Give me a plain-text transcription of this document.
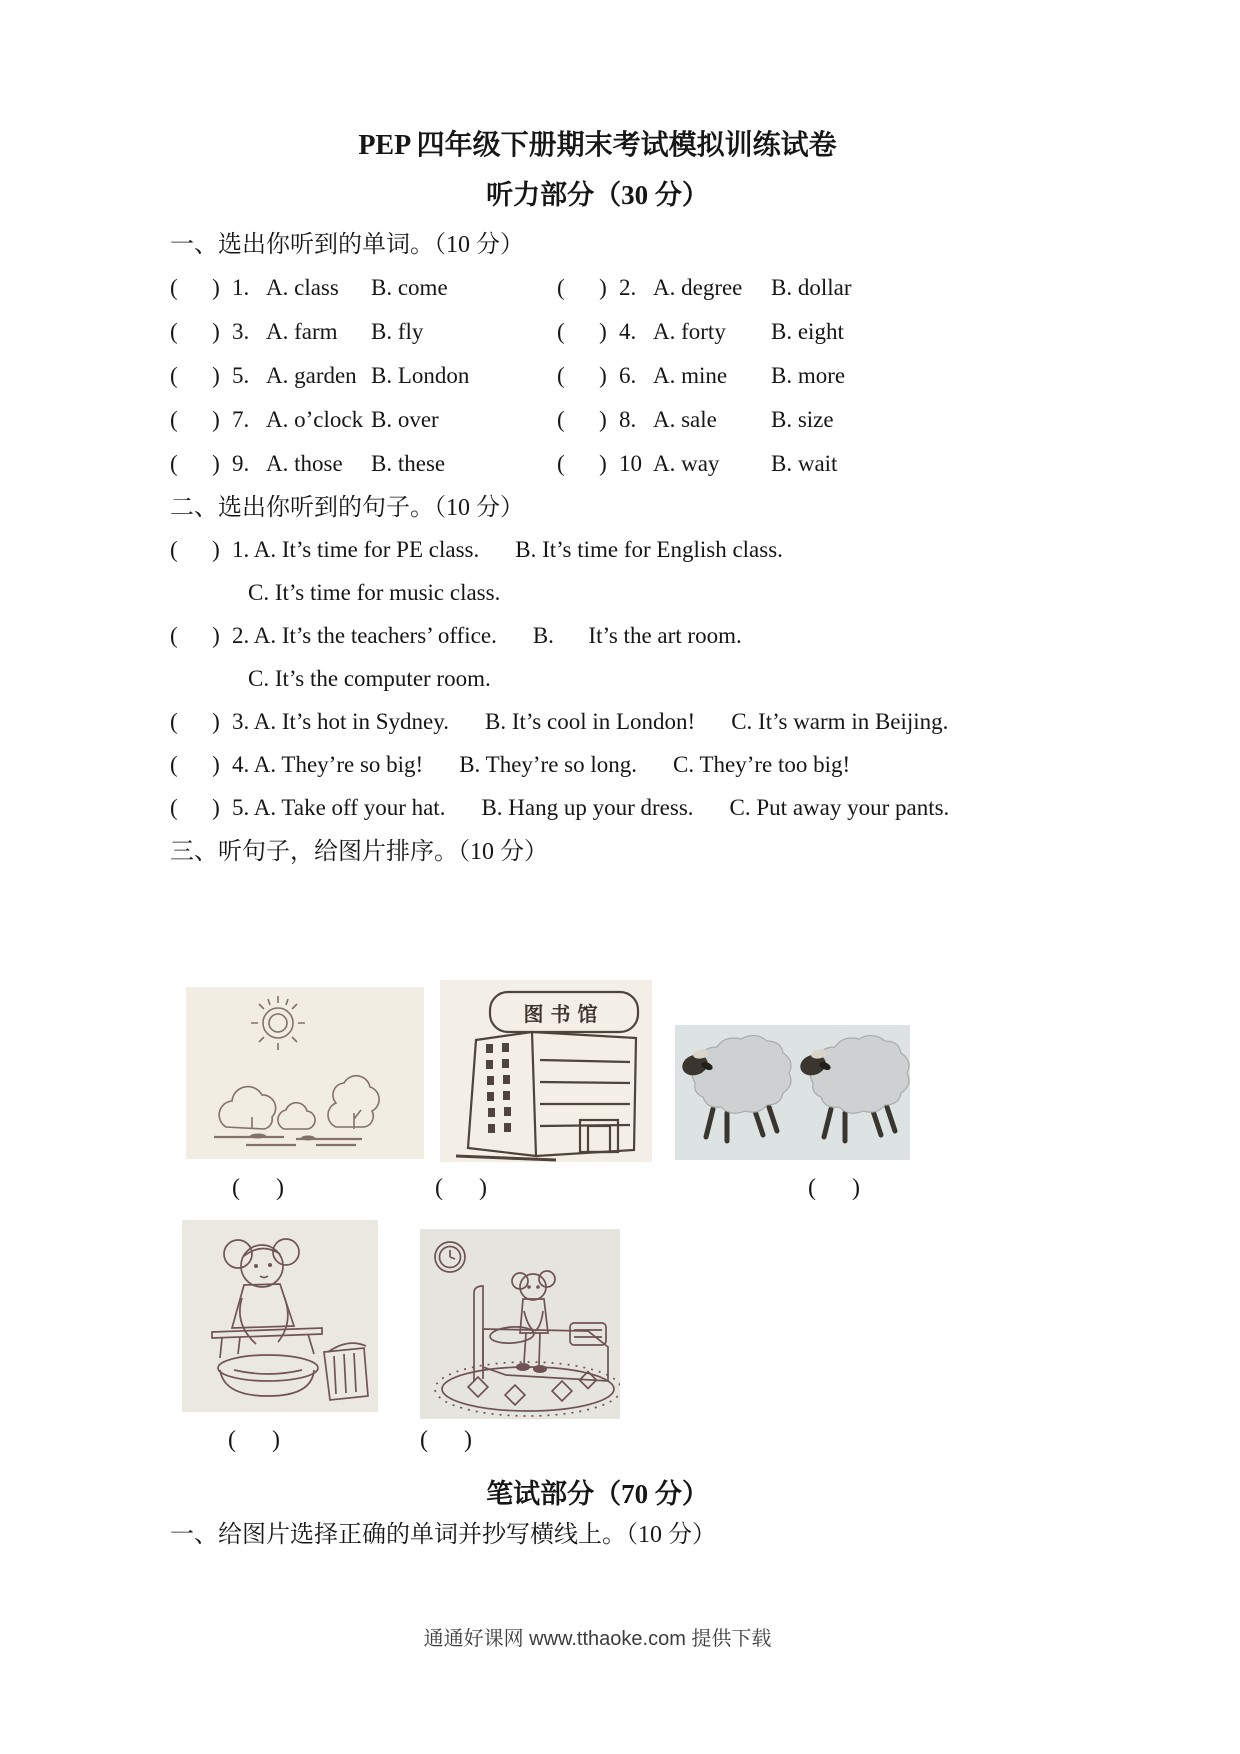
PEP 四年级下册期末考试模拟训练试卷
听力部分（30 分）
一、选出你听到的单词。（10 分）
(      ) 1. A. class	B. come	(      ) 2. A. degree	B. dollar
(      ) 3. A. farm	B. fly	(      ) 4. A. forty	B. eight
(      ) 5. A. garden B. London	(      ) 6. A. mine	B. more
(      ) 7. A. o’clock B. over	(      ) 8. A. sale	B. size
(      ) 9. A. those	B. these	(      ) 10 A. way	B. wait
二、选出你听到的句子。（10 分）
(      ) 1. A. It’s time for PE class. B. It’s time for English class.
C. It’s time for music class.
(      ) 2. A. It’s the teachers’ office. B.      It’s the art room.
C. It’s the computer room.
(      ) 3. A. It’s hot in Sydney. B. It’s cool in London! C. It’s warm in Beijing.
(      ) 4. A. They’re so big! B. They’re so long. C. They’re too big!
(      ) 5. A. Take off your hat. B. Hang up your dress. C. Put away your pants.
三、听句子，给图片排序。（10 分）
图书馆
(      )	(      )	(      )
(      )	(      )
笔试部分（70 分）
一、给图片选择正确的单词并抄写横线上。（10 分）
通通好课网 www.tthaoke.com 提供下载
